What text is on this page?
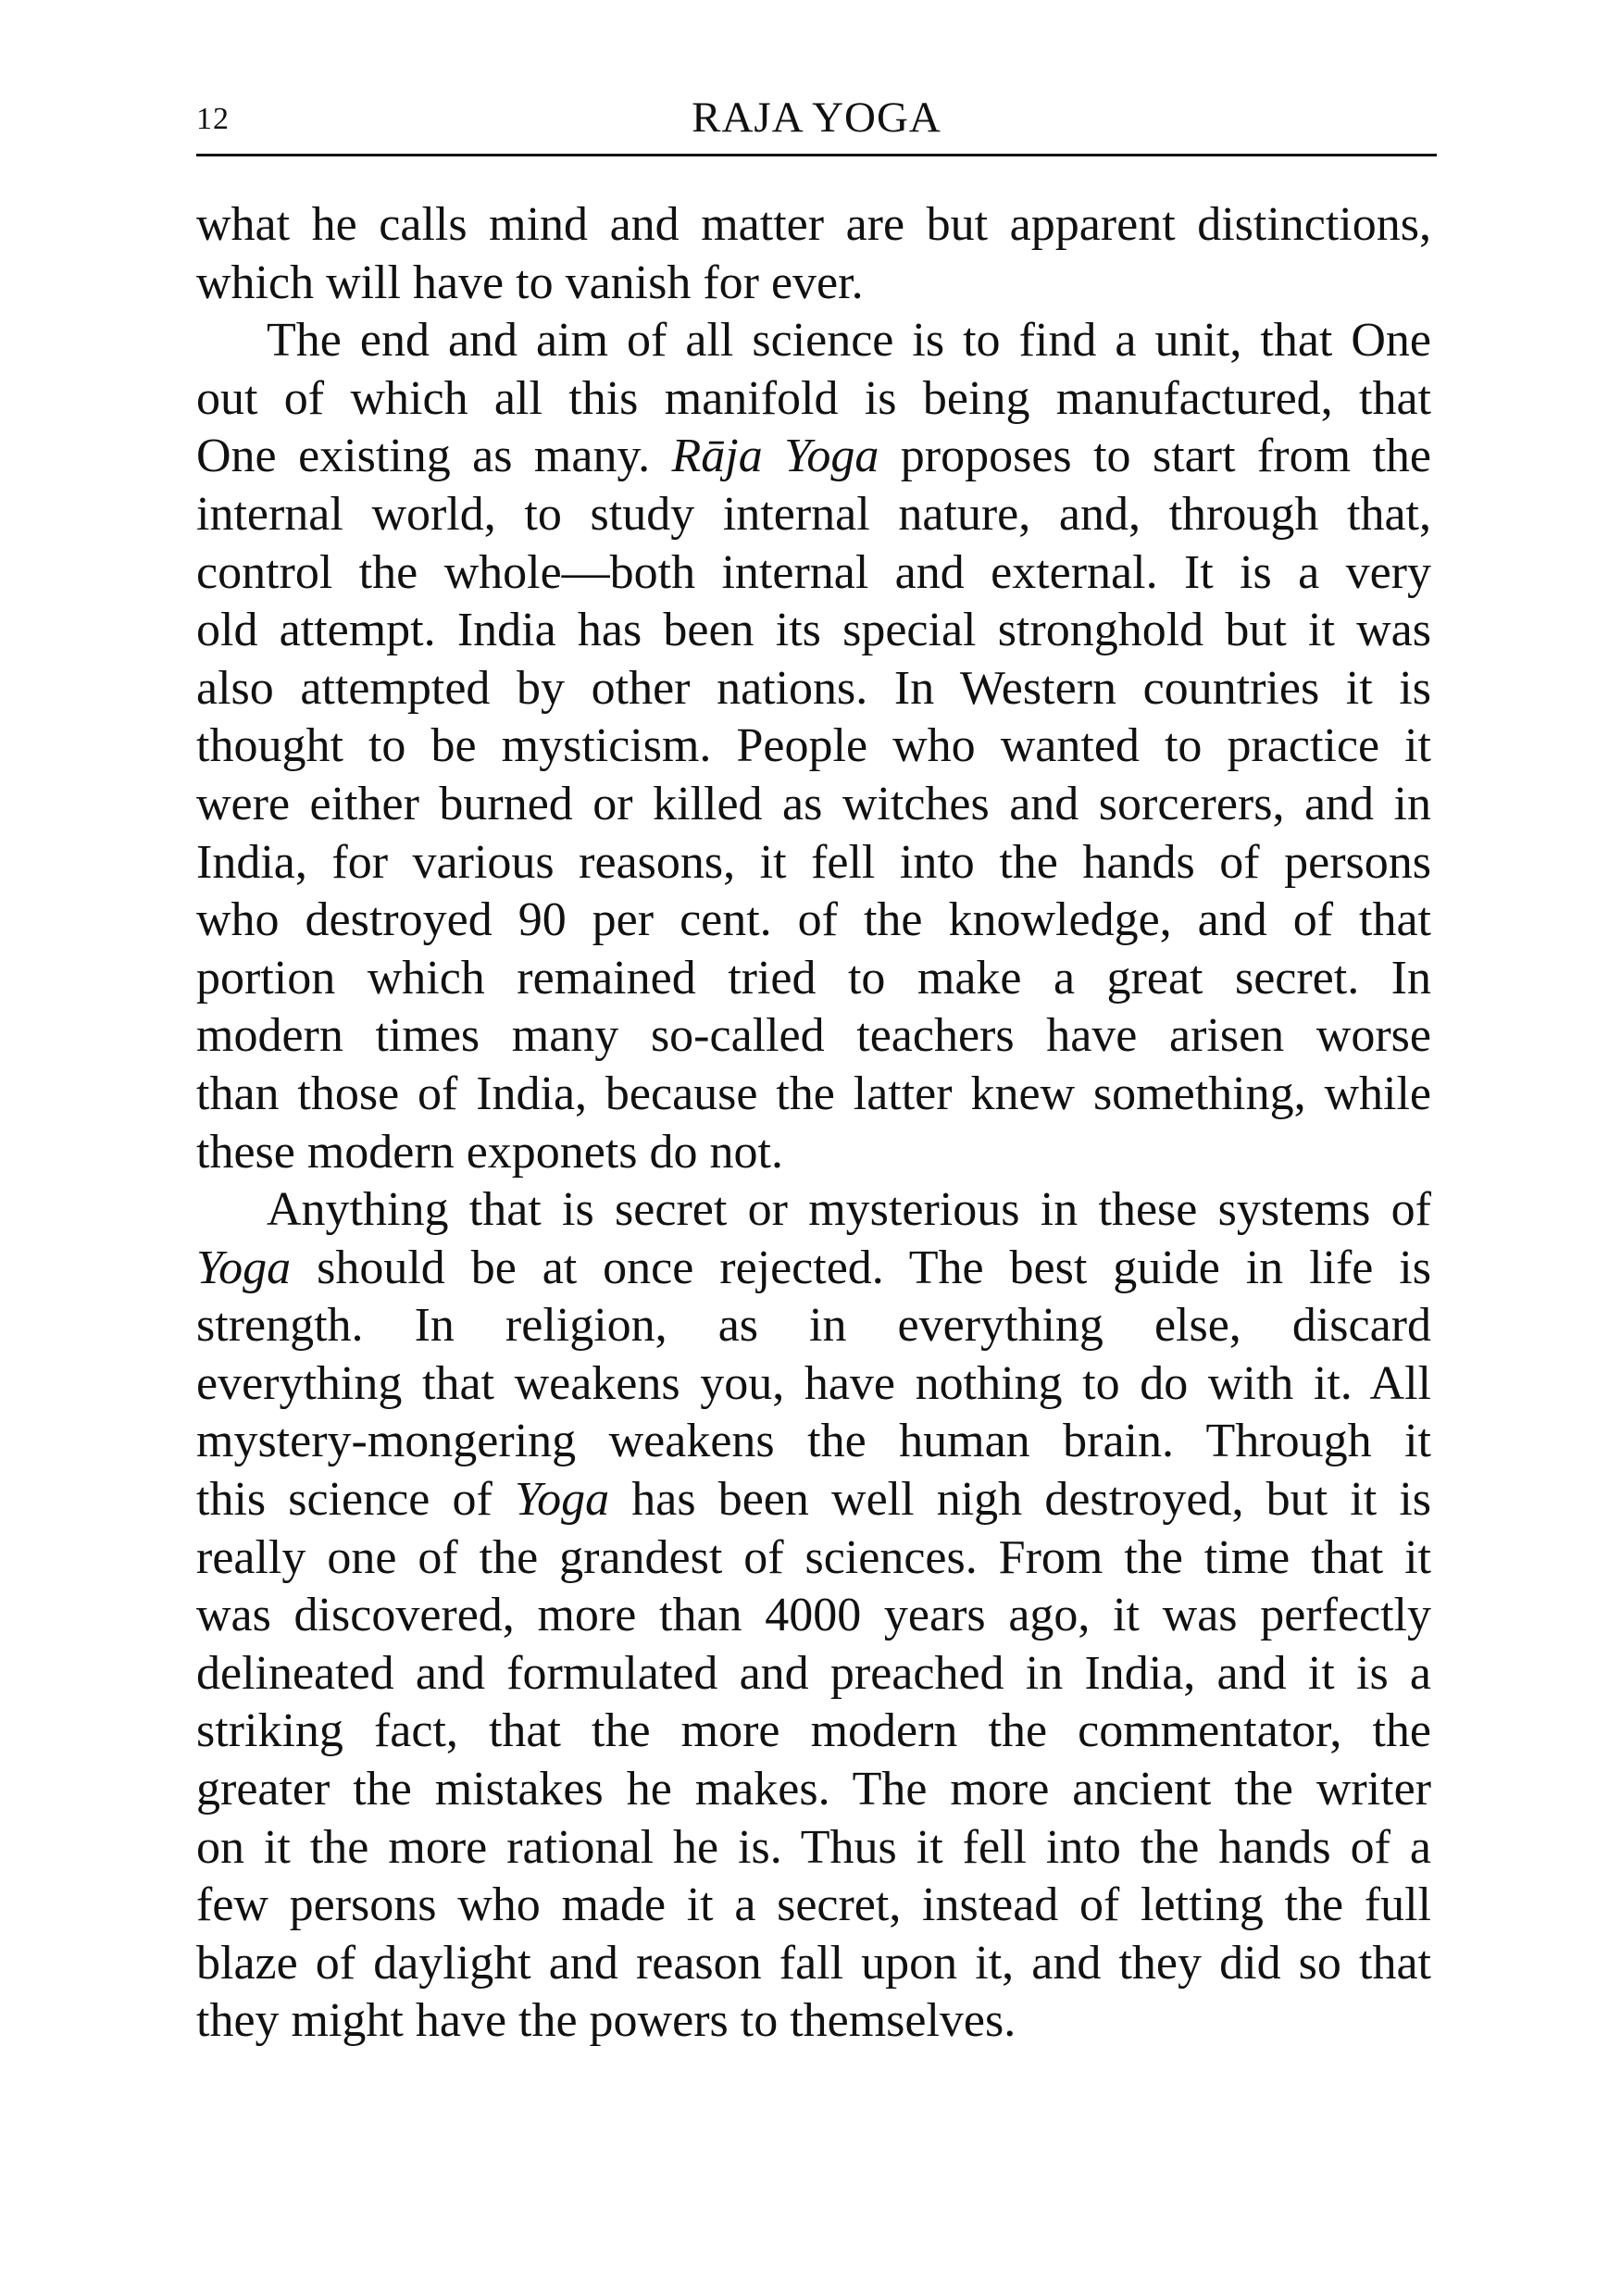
12	RAJA YOGA
what he calls mind and matter are but apparent distinctions,
which will have to vanish for ever.
The end and aim of all science is to find a unit, that One
out of which all this manifold is being manufactured, that
One existing as many. Rāja Yoga proposes to start from the
internal world, to study internal nature, and, through that,
control the whole—both internal and external. It is a very
old attempt. India has been its special stronghold but it was
also attempted by other nations. In Western countries it is
thought to be mysticism. People who wanted to practice it
were either burned or killed as witches and sorcerers, and in
India, for various reasons, it fell into the hands of persons
who destroyed 90 per cent. of the knowledge, and of that
portion which remained tried to make a great secret. In
modern times many so-called teachers have arisen worse
than those of India, because the latter knew something, while
these modern exponets do not.
Anything that is secret or mysterious in these systems of
Yoga should be at once rejected. The best guide in life is
strength. In religion, as in everything else, discard
everything that weakens you, have nothing to do with it. All
mystery-mongering weakens the human brain. Through it
this science of Yoga has been well nigh destroyed, but it is
really one of the grandest of sciences. From the time that it
was discovered, more than 4000 years ago, it was perfectly
delineated and formulated and preached in India, and it is a
striking fact, that the more modern the commentator, the
greater the mistakes he makes. The more ancient the writer
on it the more rational he is. Thus it fell into the hands of a
few persons who made it a secret, instead of letting the full
blaze of daylight and reason fall upon it, and they did so that
they might have the powers to themselves.
